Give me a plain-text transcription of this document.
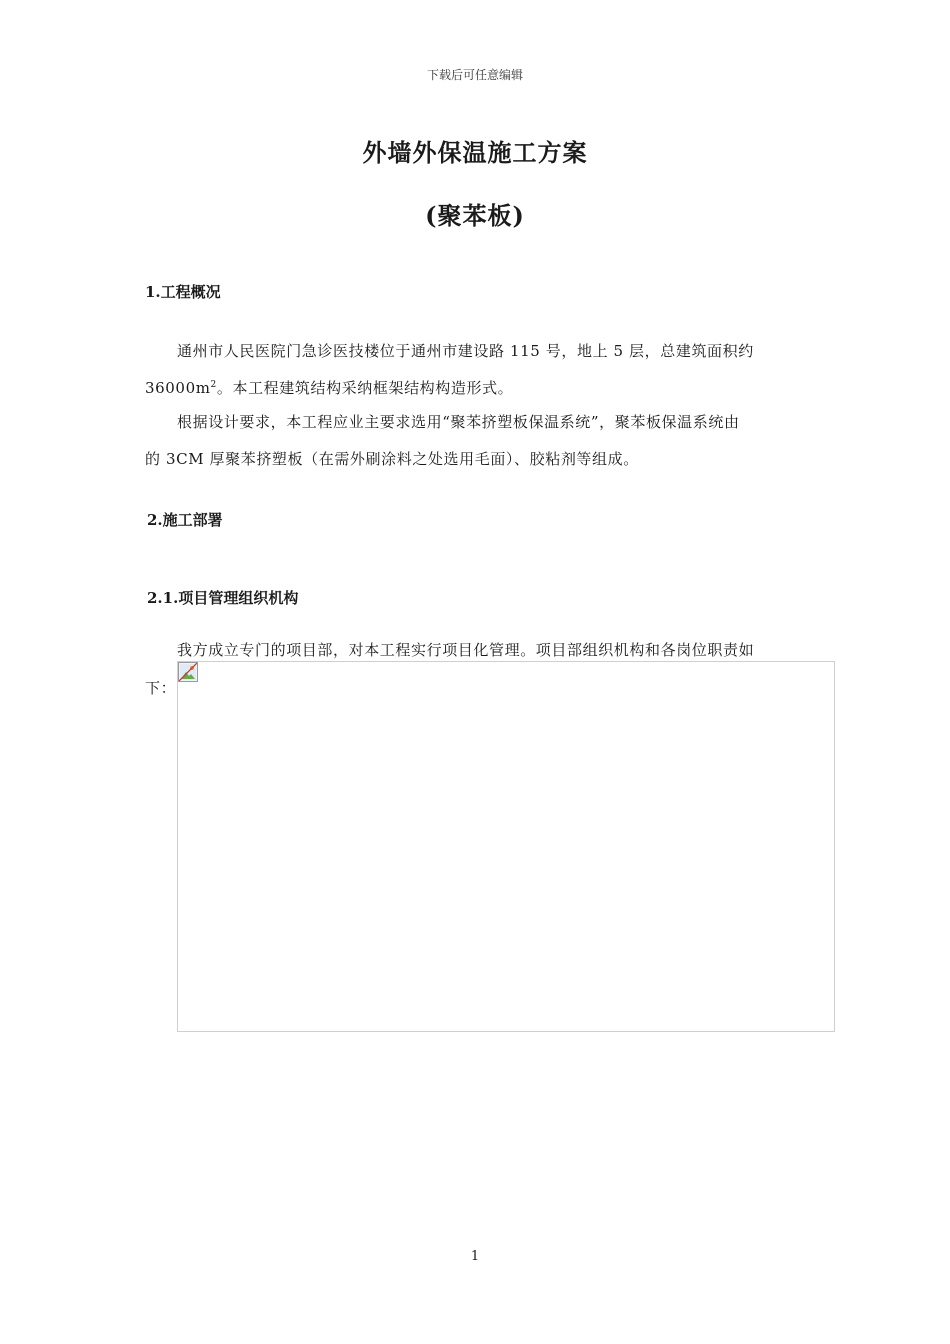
下载后可任意编辑
外墙外保温施工方案
(聚苯板)
1.工程概况
通州市人民医院门急诊医技楼位于通州市建设路 115 号，地上 5 层，总建筑面积约
$36000m^2$。本工程建筑结构采纳框架结构构造形式。
根据设计要求，本工程应业主要求选用“聚苯挤塑板保温系统”，聚苯板保温系统由
的 3CM 厚聚苯挤塑板（在需外刷涂料之处选用毛面）、胶粘剂等组成。
2.施工部署
2.1.项目管理组织机构
我方成立专门的项目部，对本工程实行项目化管理。项目部组织机构和各岗位职责如
下：
1
